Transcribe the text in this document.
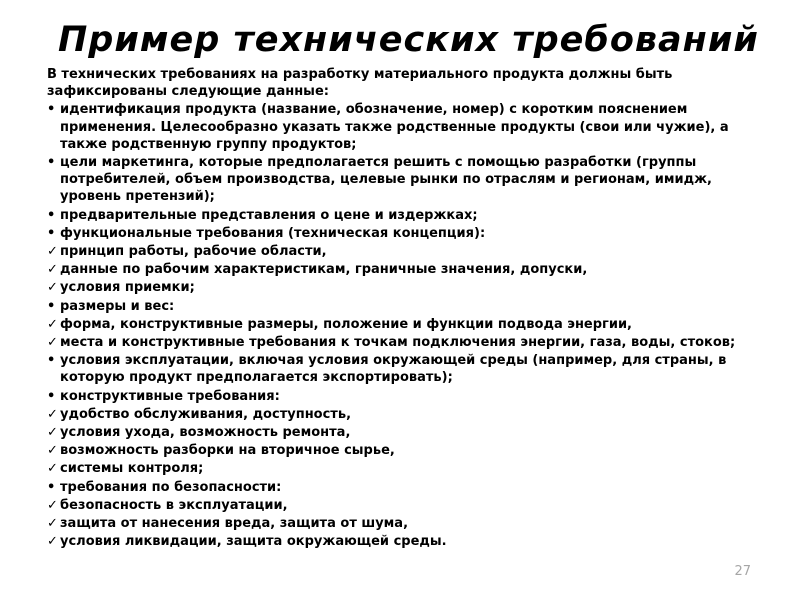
Пример технических требований

В технических требованиях на разработку материального продукта должны быть зафиксированы следующие данные:

• идентификация продукта (название, обозначение, номер) с коротким пояснением применения. Целесообразно указать также родственные продукты (свои или чужие), а также родственную группу продуктов;
• цели маркетинга, которые предполагается решить с помощью разработки (группы потребителей, объем производства, целевые рынки по отраслям и регионам, имидж, уровень претензий);
• предварительные представления о цене и издержках;
• функциональные требования (техническая концепция):
✓ принцип работы, рабочие области,
✓ данные по рабочим характеристикам, граничные значения, допуски,
✓ условия приемки;
• размеры и вес:
✓ форма, конструктивные размеры, положение и функции подвода энергии,
✓ места и конструктивные требования к точкам подключения энергии, газа, воды, стоков;
• условия эксплуатации, включая условия окружающей среды (например, для страны, в которую продукт предполагается экспортировать);
• конструктивные требования:
✓ удобство обслуживания, доступность,
✓ условия ухода, возможность ремонта,
✓ возможность разборки на вторичное сырье,
✓ системы контроля;
• требования по безопасности:
✓ безопасность в эксплуатации,
✓ защита от нанесения вреда, защита от шума,
✓ условия ликвидации, защита окружающей среды.
27
